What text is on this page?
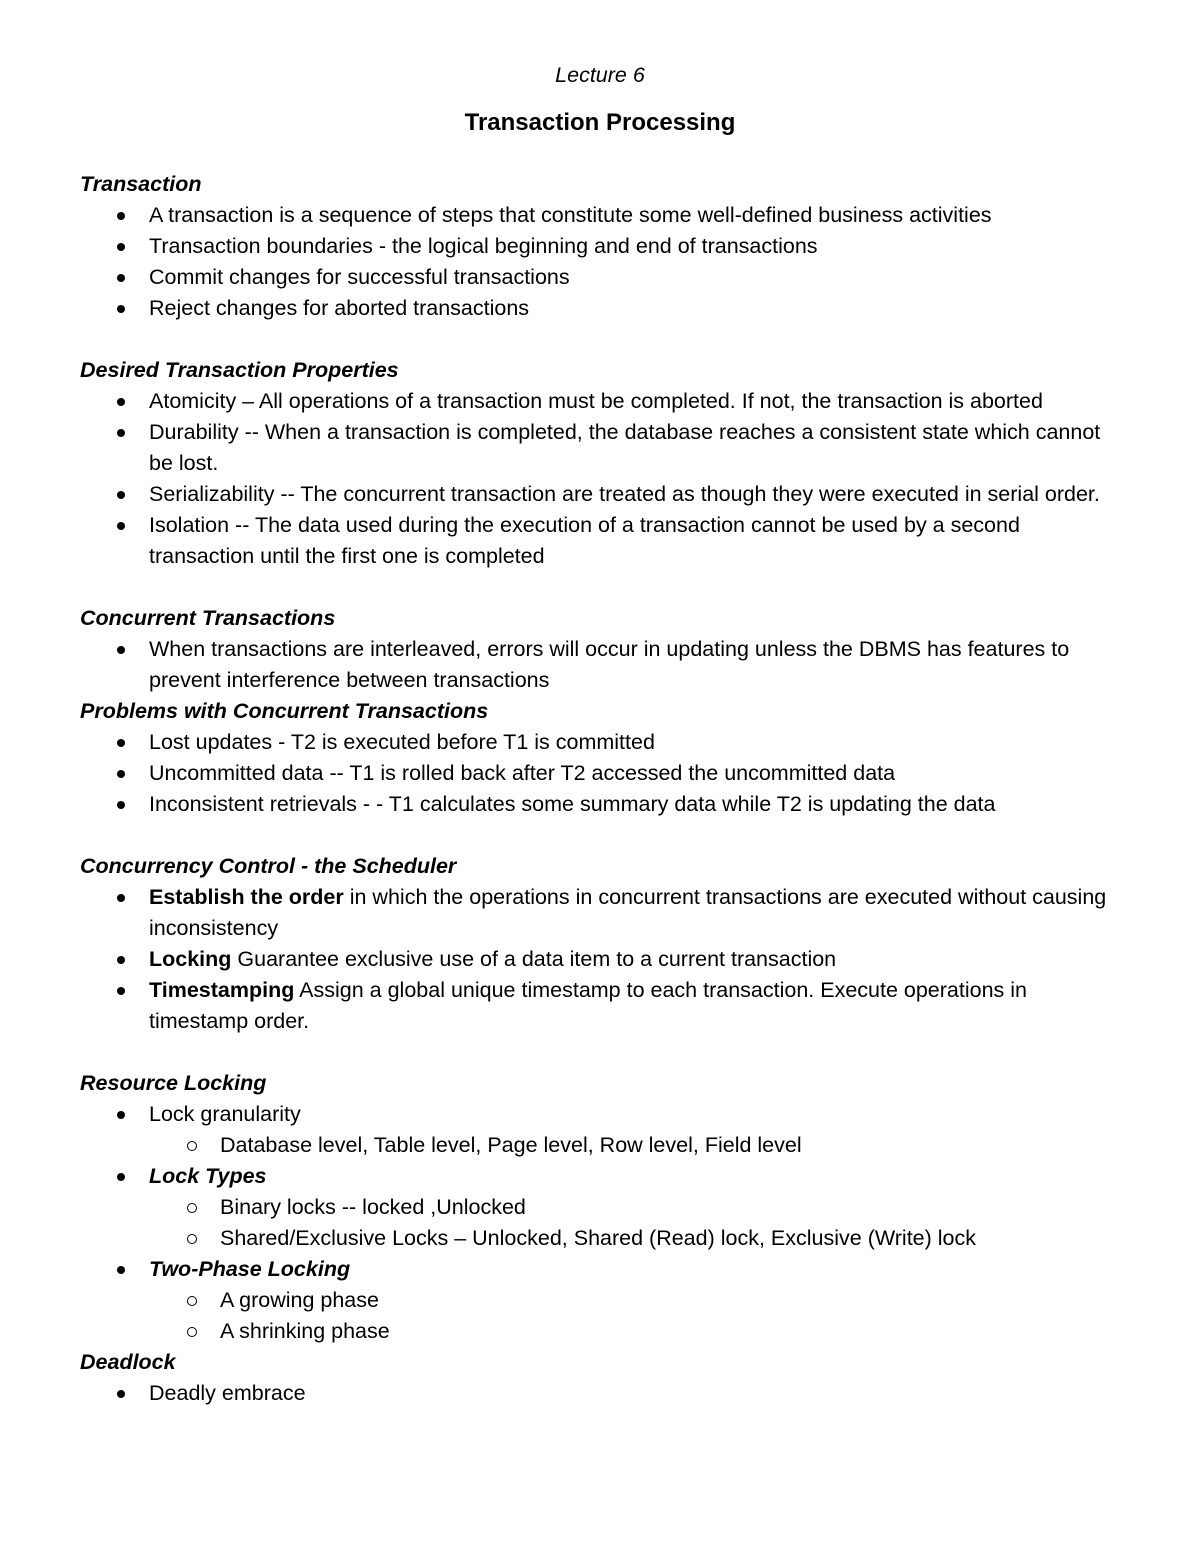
Lecture 6

Transaction Processing

Transaction

A transaction is a sequence of steps that constitute some well-defined business activities
Transaction boundaries - the logical beginning and end of transactions
Commit changes for successful transactions
Reject changes for aborted transactions

Desired Transaction Properties

Atomicity – All operations of a transaction must be completed. If not, the transaction is aborted
Durability -- When a transaction is completed, the database reaches a consistent state which cannot be lost.
Serializability -- The concurrent transaction are treated as though they were executed in serial order.
Isolation -- The data used during the execution of a transaction cannot be used by a second transaction until the first one is completed

Concurrent Transactions

When transactions are interleaved, errors will occur in updating unless the DBMS has features to prevent interference between transactions

Problems with Concurrent Transactions

Lost updates - T2 is executed before T1 is committed
Uncommitted data -- T1 is rolled back after T2 accessed the uncommitted data
Inconsistent retrievals - - T1 calculates some summary data while T2 is updating the data

Concurrency Control - the Scheduler

Establish the order in which the operations in concurrent transactions are executed without causing inconsistency
Locking Guarantee exclusive use of a data item to a current transaction
Timestamping Assign a global unique timestamp to each transaction. Execute operations in timestamp order.

Resource Locking

Lock granularity
Database level, Table level, Page level, Row level, Field level
Lock Types
Binary locks -- locked ,Unlocked
Shared/Exclusive Locks – Unlocked, Shared (Read) lock, Exclusive (Write) lock
Two-Phase Locking
A growing phase
A shrinking phase

Deadlock

Deadly embrace
